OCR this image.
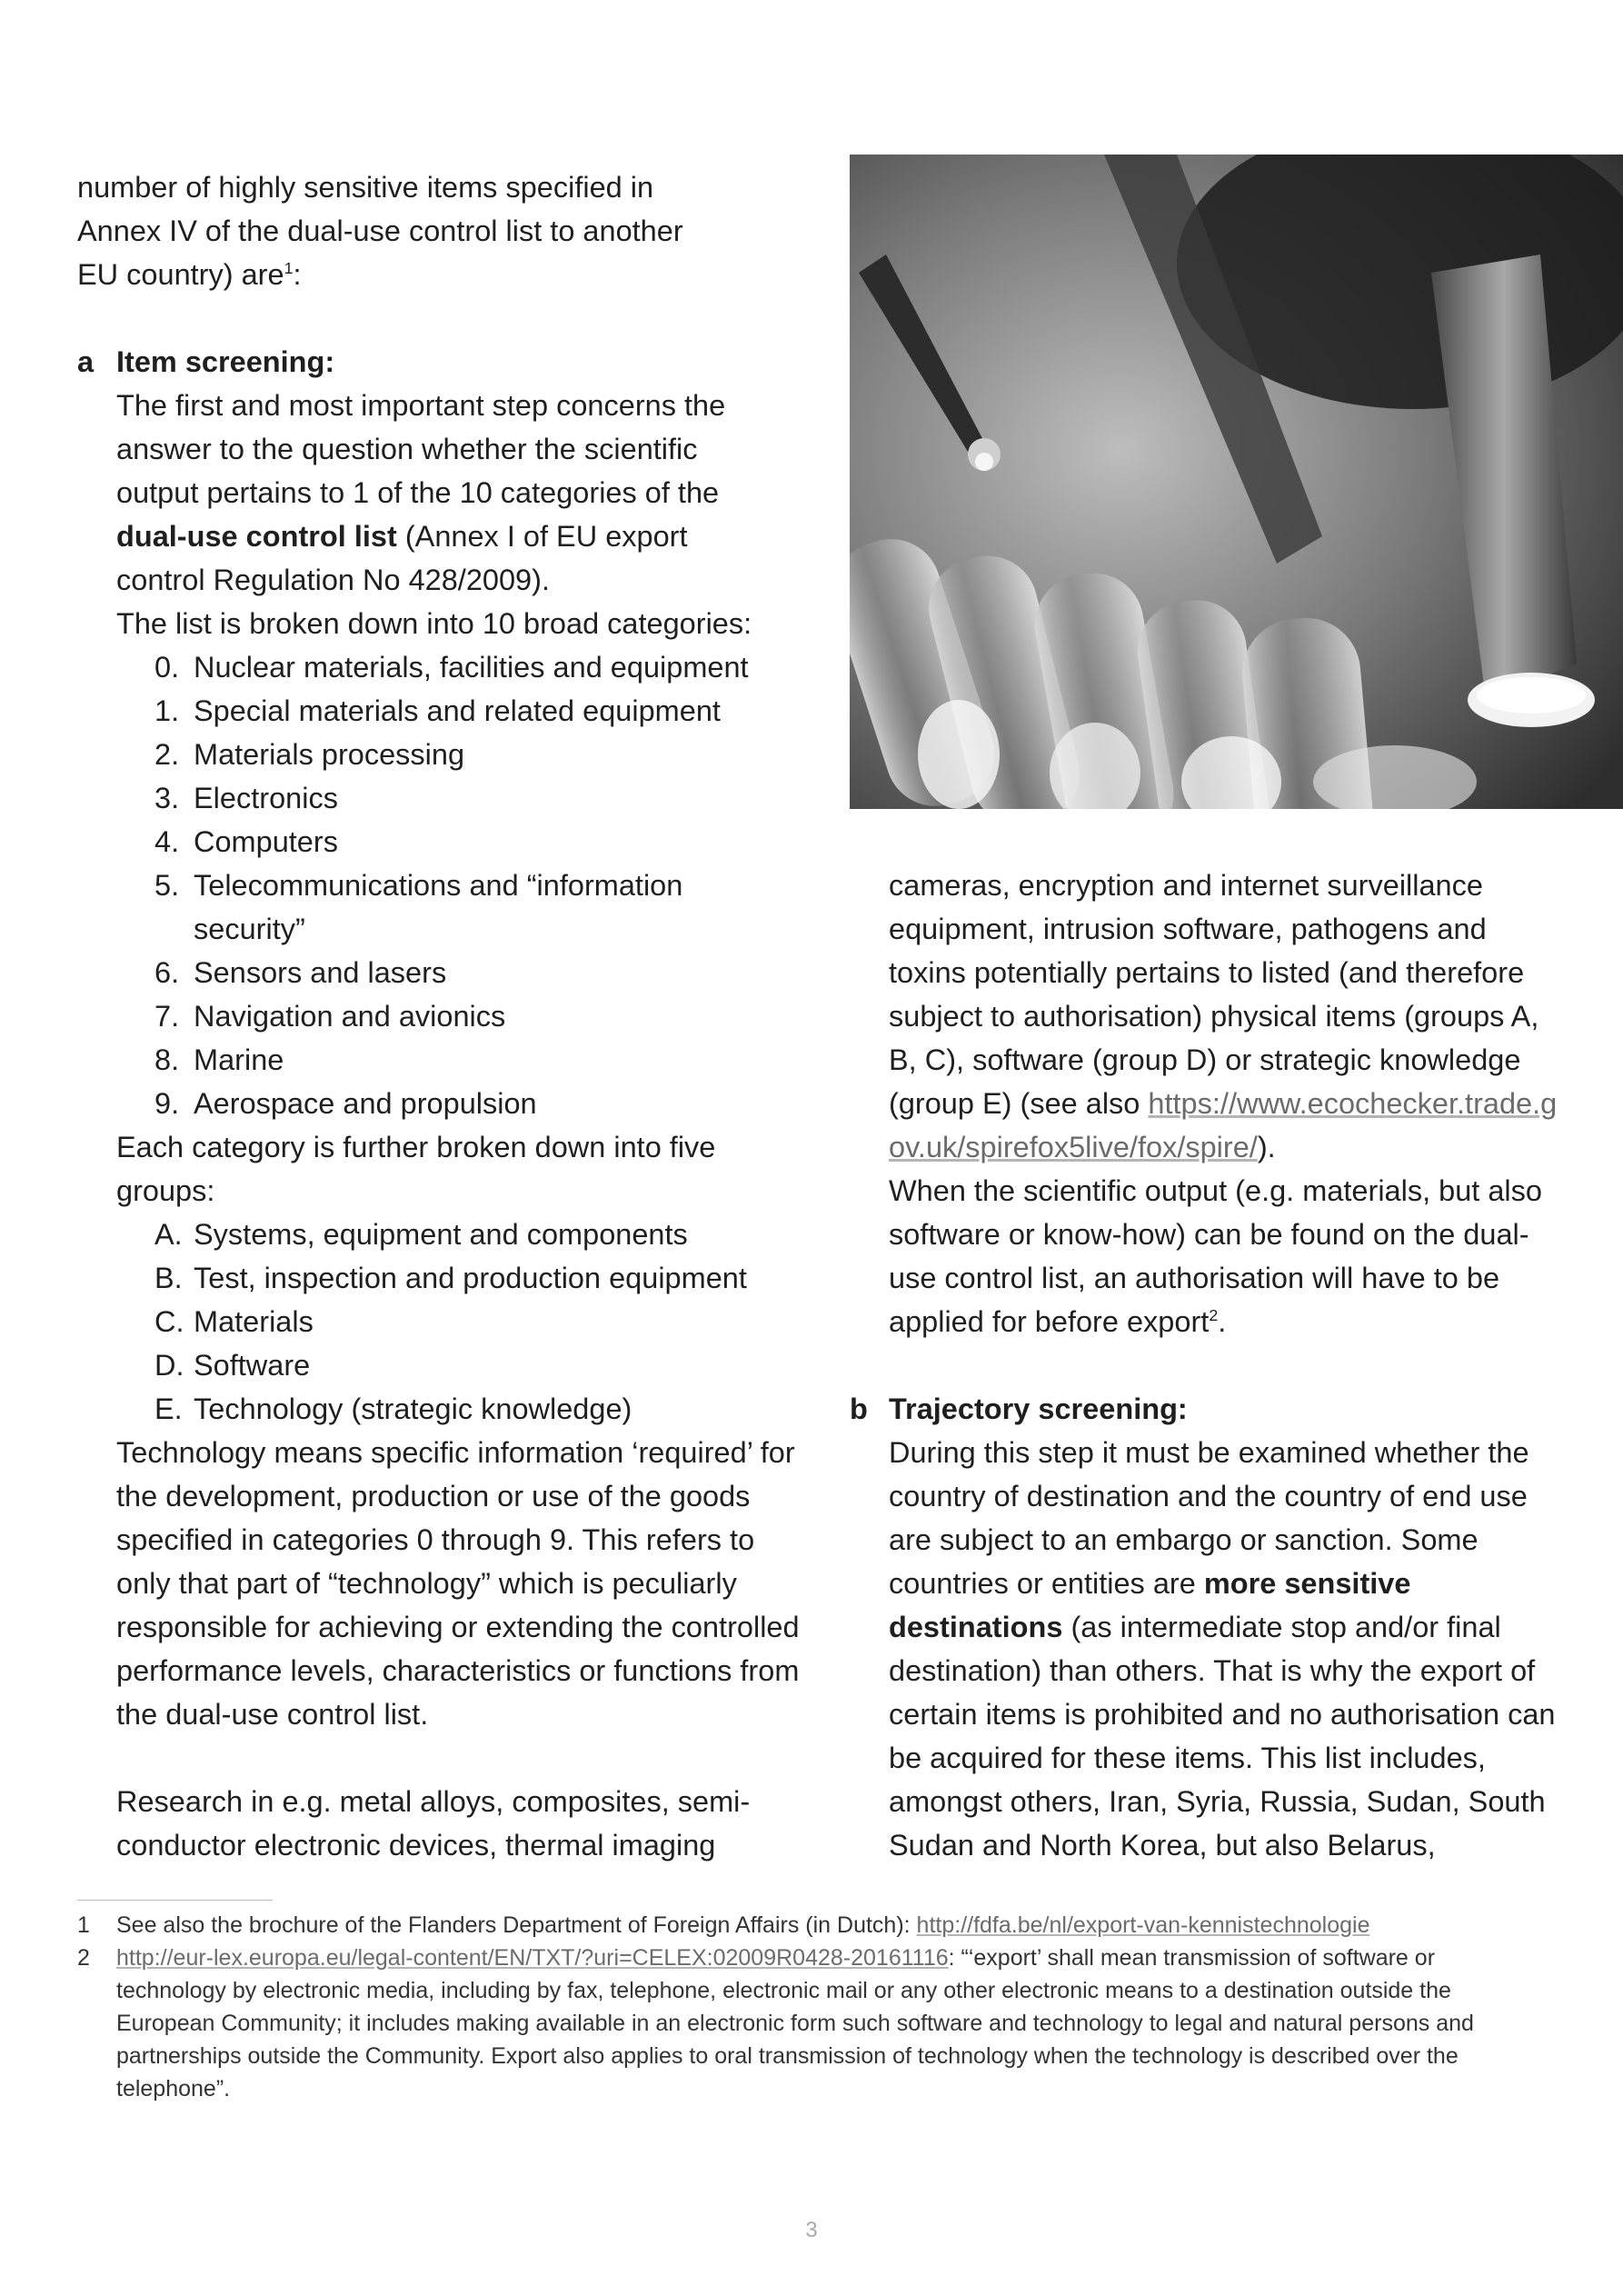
number of highly sensitive items specified in
Annex IV of the dual-use control list to another
EU country) are$^1$:

a Item screening:

The first and most important step concerns the answer to the question whether the scientific output pertains to 1 of the 10 categories of the dual-use control list (Annex I of EU export control Regulation No 428/2009).

The list is broken down into 10 broad categories:

0. Nuclear materials, facilities and equipment
1. Special materials and related equipment
2. Materials processing
3. Electronics
4. Computers
5. Telecommunications and “information security”
6. Sensors and lasers
7. Navigation and avionics
8. Marine
9. Aerospace and propulsion

Each category is further broken down into five groups:

A. Systems, equipment and components
B. Test, inspection and production equipment
C. Materials
D. Software
E. Technology (strategic knowledge)

Technology means specific information ‘required’ for the development, production or use of the goods specified in categories 0 through 9. This refers to only that part of “technology” which is peculiarly responsible for achieving or extending the controlled performance levels, characteristics or functions from the dual-use control list.

Research in e.g. metal alloys, composites, semi-conductor electronic devices, thermal imaging

cameras, encryption and internet surveillance equipment, intrusion software, pathogens and toxins potentially pertains to listed (and therefore subject to authorisation) physical items (groups A, B, C), software (group D) or strategic knowledge (group E) (see also https://www.ecochecker.trade.gov.uk/spirefox5live/fox/spire/).

When the scientific output (e.g. materials, but also software or know-how) can be found on the dual-use control list, an authorisation will have to be applied for before export$^2$.

b Trajectory screening:

During this step it must be examined whether the country of destination and the country of end use are subject to an embargo or sanction. Some countries or entities are more sensitive destinations (as intermediate stop and/or final destination) than others. That is why the export of certain items is prohibited and no authorisation can be acquired for these items. This list includes, amongst others, Iran, Syria, Russia, Sudan, South Sudan and North Korea, but also Belarus,

1 See also the brochure of the Flanders Department of Foreign Affairs (in Dutch): http://fdfa.be/nl/export-van-kennistechnologie
2 http://eur-lex.europa.eu/legal-content/EN/TXT/?uri=CELEX:02009R0428-20161116: “‘export’ shall mean transmission of software or technology by electronic media, including by fax, telephone, electronic mail or any other electronic means to a destination outside the European Community; it includes making available in an electronic form such software and technology to legal and natural persons and partnerships outside the Community. Export also applies to oral transmission of technology when the technology is described over the telephone”.
3
